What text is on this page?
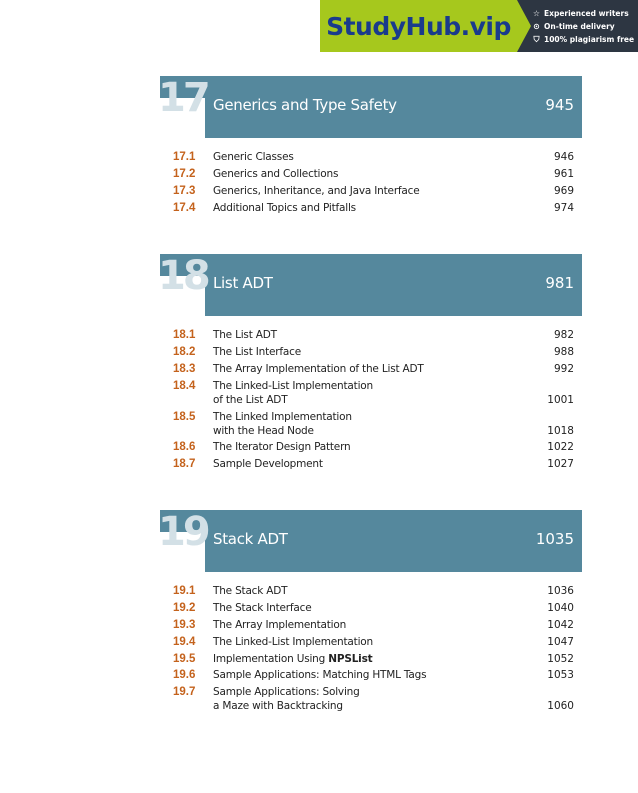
StudyHub.vip	☆ Experienced writers
⊙ On-time delivery
⛉ 100% plagiarism free
17 Generics and Type Safety	945
17.1	Generic Classes	946
17.2	Generics and Collections	961
17.3	Generics, Inheritance, and Java Interface	969
17.4	Additional Topics and Pitfalls	974
18 List ADT	981
18.1	The List ADT	982
18.2	The List Interface	988
18.3	The Array Implementation of the List ADT	992
18.4	The Linked-List Implementation
of the List ADT	1001
18.5	The Linked Implementation
with the Head Node	1018
18.6	The Iterator Design Pattern	1022
18.7	Sample Development	1027
19 Stack ADT	1035
19.1	The Stack ADT	1036
19.2	The Stack Interface	1040
19.3	The Array Implementation	1042
19.4	The Linked-List Implementation	1047
19.5	Implementation Using NPSList	1052
19.6	Sample Applications: Matching HTML Tags	1053
19.7	Sample Applications: Solving
a Maze with Backtracking	1060
